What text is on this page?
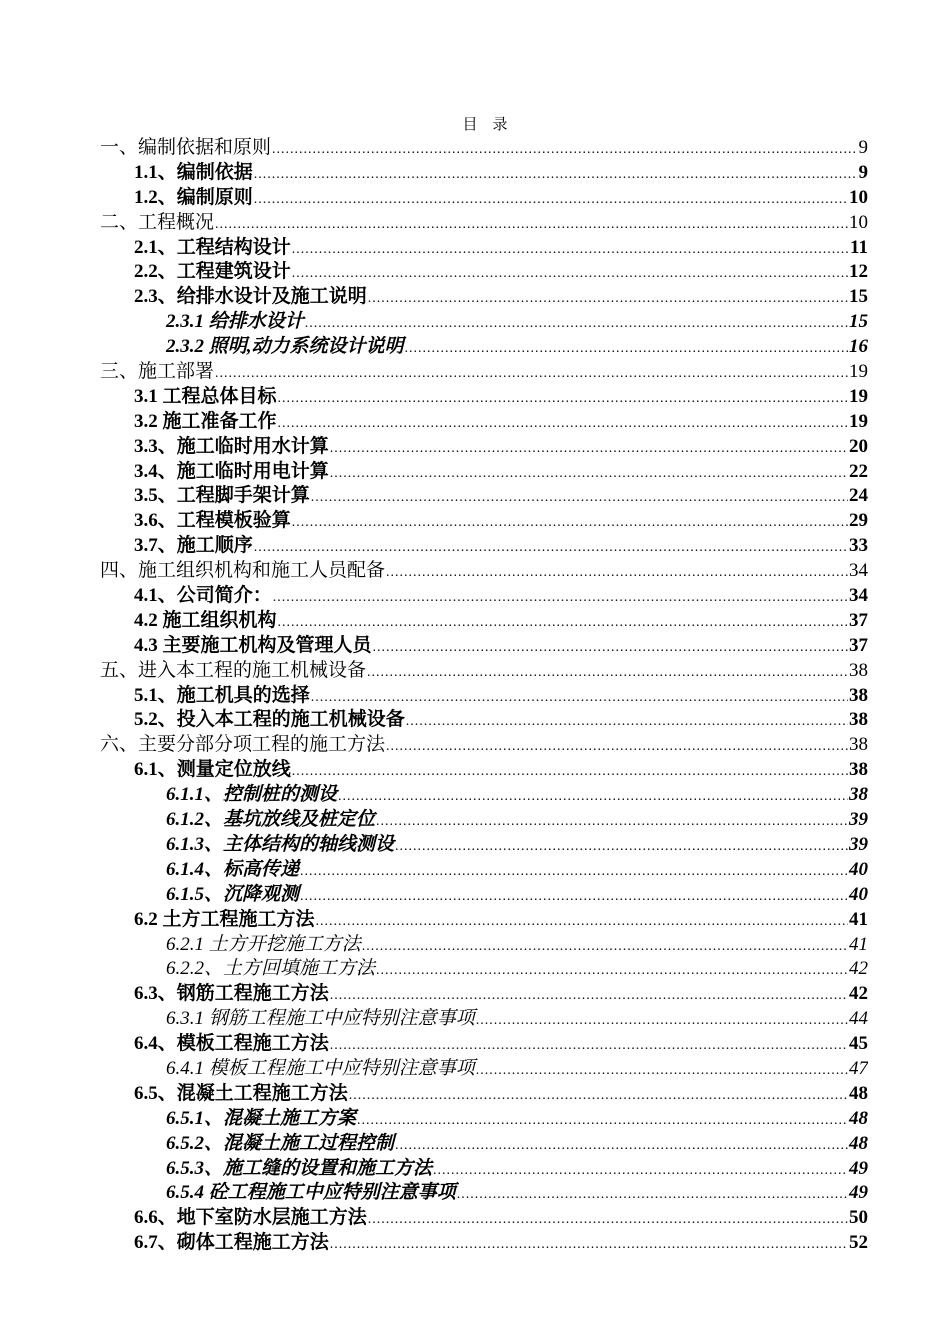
目　录
一、编制依据和原则 .....	9
1.1、编制依据 .....	9
1.2、编制原则 .....	10
二、工程概况 .....	10
2.1、工程结构设计 .....	11
2.2、工程建筑设计 .....	12
2.3、给排水设计及施工说明 .....	15
2.3.1 给排水设计 .....	15
2.3.2 照明,动力系统设计说明 .....	16
三、施工部署 .....	19
3.1 工程总体目标 .....	19
3.2 施工准备工作 .....	19
3.3、施工临时用水计算 .....	20
3.4、施工临时用电计算 .....	22
3.5、工程脚手架计算 .....	24
3.6、工程模板验算 .....	29
3.7、施工顺序 .....	33
四、施工组织机构和施工人员配备 .....	34
4.1、公司简介： .....	34
4.2 施工组织机构 .....	37
4.3 主要施工机构及管理人员 .....	37
五、进入本工程的施工机械设备 .....	38
5.1、施工机具的选择 .....	38
5.2、投入本工程的施工机械设备 .....	38
六、主要分部分项工程的施工方法 .....	38
6.1、测量定位放线 .....	38
6.1.1、控制桩的测设 .....	38
6.1.2、基坑放线及桩定位 .....	39
6.1.3、主体结构的轴线测设 .....	39
6.1.4、标高传递 .....	40
6.1.5、沉降观测 .....	40
6.2 土方工程施工方法 .....	41
6.2.1 土方开挖施工方法 .....	41
6.2.2、土方回填施工方法 .....	42
6.3、钢筋工程施工方法 .....	42
6.3.1 钢筋工程施工中应特别注意事项 .....	44
6.4、模板工程施工方法 .....	45
6.4.1 模板工程施工中应特别注意事项 .....	47
6.5、混凝土工程施工方法 .....	48
6.5.1、混凝土施工方案 .....	48
6.5.2、混凝土施工过程控制 .....	48
6.5.3、施工缝的设置和施工方法 .....	49
6.5.4 砼工程施工中应特别注意事项 .....	49
6.6、地下室防水层施工方法 .....	50
6.7、砌体工程施工方法 .....	52
